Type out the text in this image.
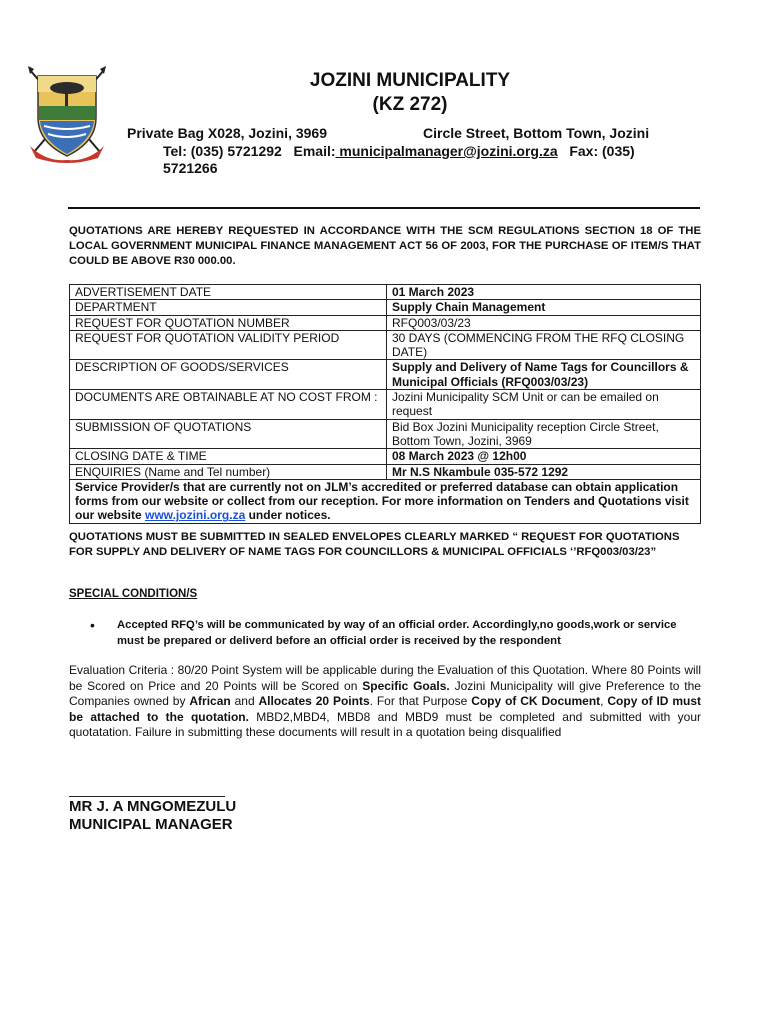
JOZINI MUNICIPALITY
(KZ 272)
Private Bag X028, Jozini, 3969	Circle Street, Bottom Town, Jozini
Tel: (035) 5721292 Email: municipalmanager@jozini.org.za Fax: (035)
5721266
QUOTATIONS ARE HEREBY REQUESTED IN ACCORDANCE WITH THE SCM REGULATIONS SECTION 18 OF THE LOCAL GOVERNMENT MUNICIPAL FINANCE MANAGEMENT ACT 56 OF 2003, FOR THE PURCHASE OF ITEM/S THAT COULD BE ABOVE R30 000.00.
ADVERTISEMENT DATE	01 March 2023
DEPARTMENT	Supply Chain Management
REQUEST FOR QUOTATION NUMBER	RFQ003/03/23
REQUEST FOR QUOTATION VALIDITY PERIOD	30 DAYS (COMMENCING FROM THE RFQ CLOSING DATE)
DESCRIPTION OF GOODS/SERVICES	Supply and Delivery of Name Tags for Councillors & Municipal Officials (RFQ003/03/23)
DOCUMENTS ARE OBTAINABLE AT NO COST FROM :	Jozini Municipality SCM Unit or can be emailed on request
SUBMISSION OF QUOTATIONS	Bid Box Jozini Municipality reception Circle Street, Bottom Town, Jozini, 3969
CLOSING DATE & TIME	08 March 2023 @ 12h00
ENQUIRIES (Name and Tel number)	Mr N.S Nkambule 035-572 1292
Service Provider/s that are currently not on JLM’s accredited or preferred database can obtain application forms from our website or collect from our reception. For more information on Tenders and Quotations visit our website www.jozini.org.za under notices.	
QUOTATIONS MUST BE SUBMITTED IN SEALED ENVELOPES CLEARLY MARKED “ REQUEST FOR QUOTATIONS FOR SUPPLY AND DELIVERY OF NAME TAGS FOR COUNCILLORS & MUNICIPAL OFFICIALS ‘’RFQ003/03/23”
SPECIAL CONDITION/S
• Accepted RFQ’s will be communicated by way of an official order. Accordingly,no goods,work or service must be prepared or deliverd before an official order is received by the respondent
Evaluation Criteria : 80/20 Point System will be applicable during the Evaluation of this Quotation. Where 80 Points will be Scored on Price and 20 Points will be Scored on Specific Goals. Jozini Municipality will give Preference to the Companies owned by African and Allocates 20 Points. For that Purpose Copy of CK Document, Copy of ID must be attached to the quotation. MBD2,MBD4, MBD8 and MBD9 must be completed and submitted with your quotatation. Failure in submitting these documents will result in a quotation being disqualified
MR J. A MNGOMEZULU
MUNICIPAL MANAGER
